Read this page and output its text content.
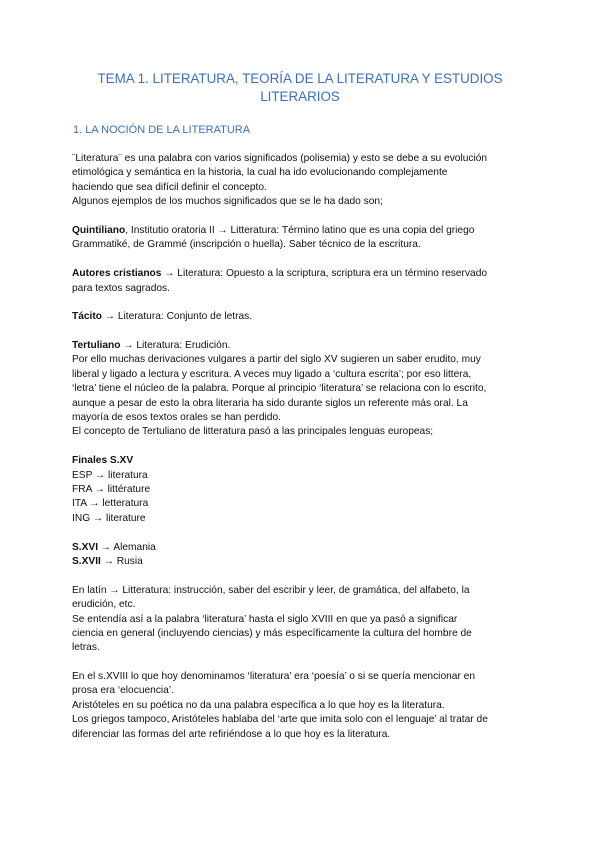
TEMA 1. LITERATURA, TEORÍA DE LA LITERATURA Y ESTUDIOS
LITERARIOS
1. LA NOCIÓN DE LA LITERATURA
¨Literatura¨ es una palabra con varios significados (polisemia) y esto se debe a su evolución
etimológica y semántica en la historia, la cual ha ido evolucionando complejamente
haciendo que sea difícil definir el concepto.
Algunos ejemplos de los muchos significados que se le ha dado son;
Quintiliano, Institutio oratoria II → Litteratura: Término latino que es una copia del griego
Grammatiké, de Grammé (inscripción o huella). Saber técnico de la escritura.
Autores cristianos → Literatura: Opuesto a la scriptura, scriptura era un término reservado
para textos sagrados.
Tácito → Literatura: Conjunto de letras.
Tertuliano → Literatura: Erudición.
Por ello muchas derivaciones vulgares a partir del siglo XV sugieren un saber erudito, muy
liberal y ligado a lectura y escritura. A veces muy ligado a ‘cultura escrita’; por eso littera,
‘letra’ tiene el núcleo de la palabra. Porque al principio ‘literatura’ se relaciona con lo escrito,
aunque a pesar de esto la obra literaria ha sido durante siglos un referente más oral. La
mayoría de esos textos orales se han perdido.
El concepto de Tertuliano de litteratura pasó a las principales lenguas europeas;
Finales S.XV
ESP → literatura
FRA → littérature
ITA → letteratura
ING → literature
S.XVI → Alemania
S.XVII → Rusia
En latín → Litteratura: instrucción, saber del escribir y leer, de gramática, del alfabeto, la
erudición, etc.
Se entendía así a la palabra ‘literatura’ hasta el siglo XVIII en que ya pasó a significar
ciencia en general (incluyendo ciencias) y más específicamente la cultura del hombre de
letras.
En el s.XVIII lo que hoy denominamos ‘literatura’ era ‘poesía’ o si se quería mencionar en
prosa era ‘elocuencia’.
Aristóteles en su poética no da una palabra específica a lo que hoy es la literatura.
Los griegos tampoco, Aristóteles hablaba del ‘arte que imita solo con el lenguaje’ al tratar de
diferenciar las formas del arte refiriéndose a lo que hoy es la literatura.
